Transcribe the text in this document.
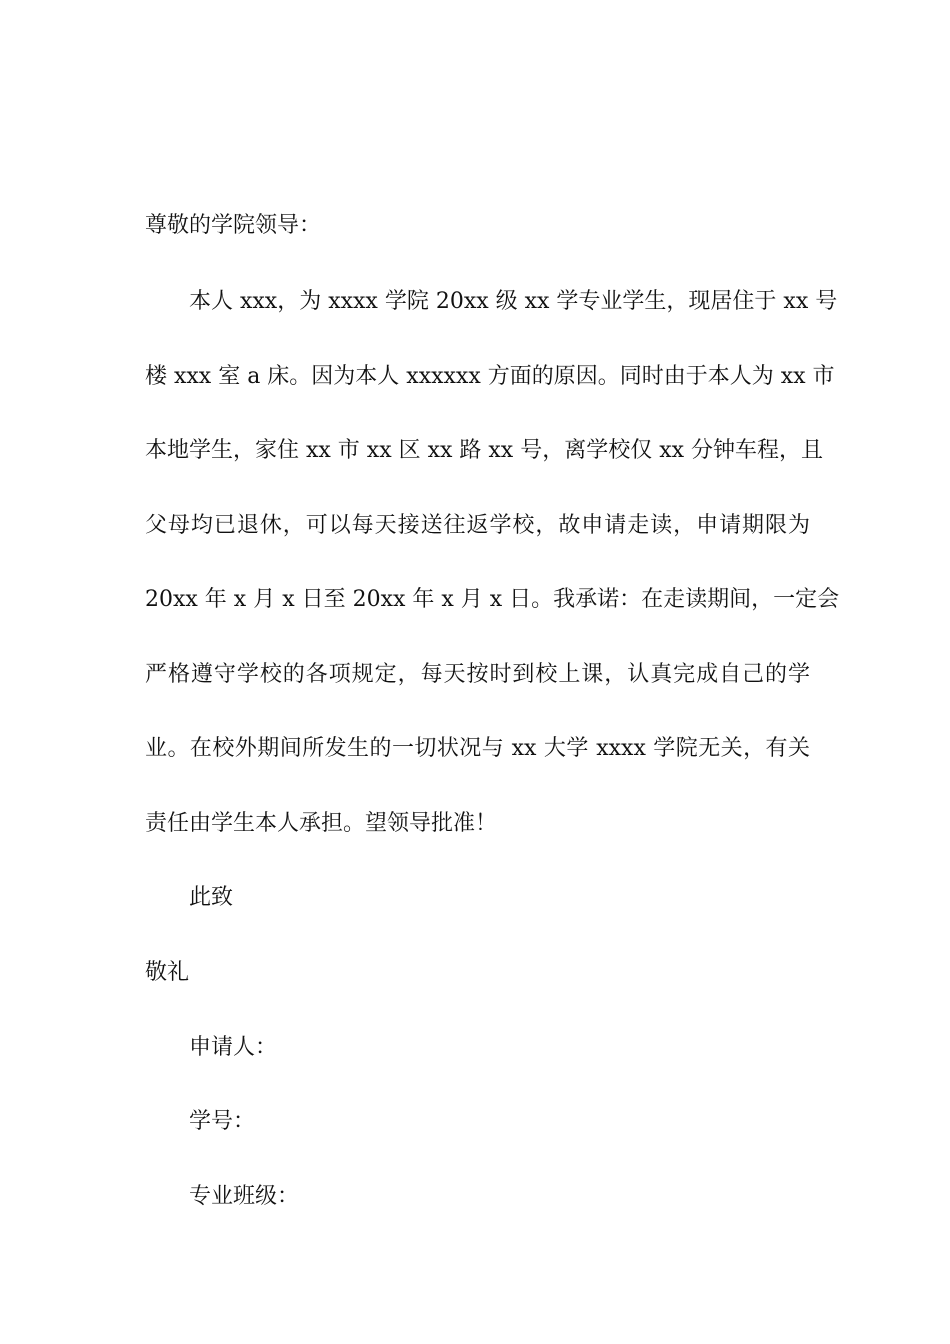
尊敬的学院领导：
本人 xxx，为 xxxx 学院 20xx 级 xx 学专业学生，现居住于 xx 号
楼 xxx 室 a 床。因为本人 xxxxxx 方面的原因。同时由于本人为 xx 市
本地学生，家住 xx 市 xx 区 xx 路 xx 号，离学校仅 xx 分钟车程，且
父母均已退休，可以每天接送往返学校，故申请走读，申请期限为
20xx 年 x 月 x 日至 20xx 年 x 月 x 日。我承诺：在走读期间，一定会
严格遵守学校的各项规定，每天按时到校上课，认真完成自己的学
业。在校外期间所发生的一切状况与 xx 大学 xxxx 学院无关，有关
责任由学生本人承担。望领导批准！
此致
敬礼
申请人：
学号：
专业班级：
